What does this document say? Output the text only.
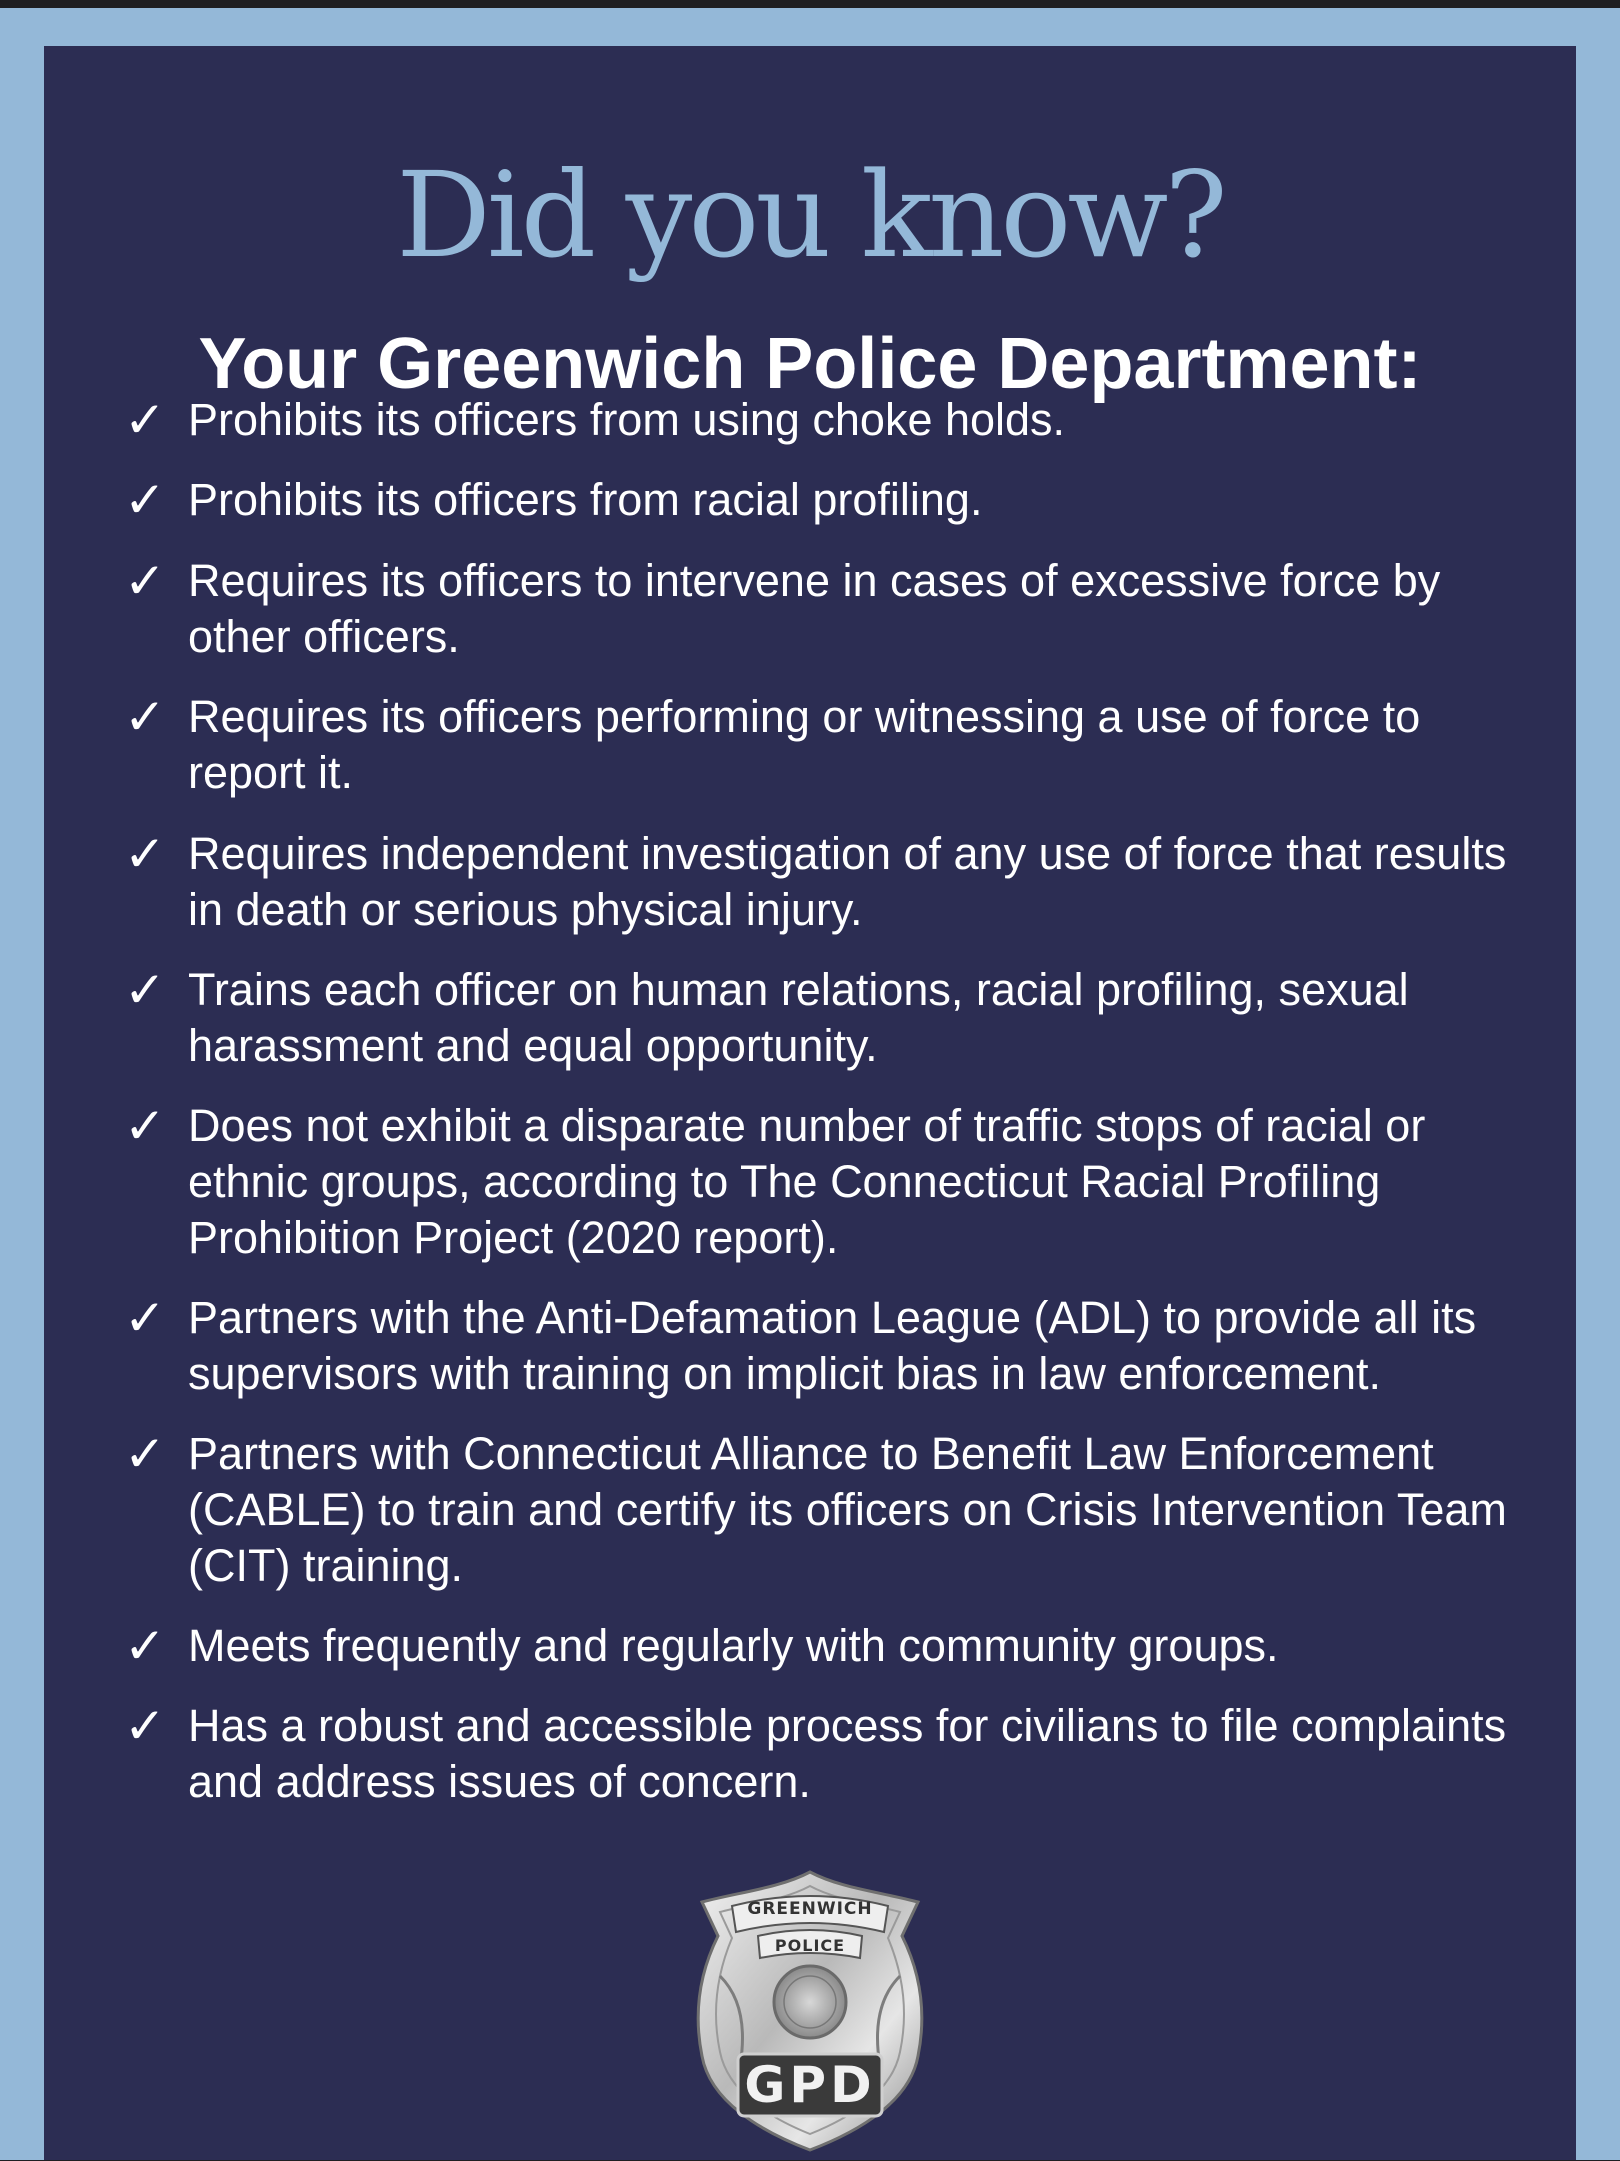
Did you know?
Your Greenwich Police Department:
✓ Prohibits its officers from using choke holds.
✓ Prohibits its officers from racial profiling.
✓ Requires its officers to intervene in cases of excessive force by other officers.
✓ Requires its officers performing or witnessing a use of force to report it.
✓ Requires independent investigation of any use of force that results in death or serious physical injury.
✓ Trains each officer on human relations, racial profiling, sexual harassment and equal opportunity.
✓ Does not exhibit a disparate number of traffic stops of racial or ethnic groups, according to The Connecticut Racial Profiling Prohibition Project (2020 report).
✓ Partners with the Anti-Defamation League (ADL) to provide all its supervisors with training on implicit bias in law enforcement.
✓ Partners with Connecticut Alliance to Benefit Law Enforcement (CABLE) to train and certify its officers on Crisis Intervention Team (CIT) training.
✓ Meets frequently and regularly with community groups.
✓ Has a robust and accessible process for civilians to file complaints and address issues of concern.
GREENWICH
POLICE
GPD
